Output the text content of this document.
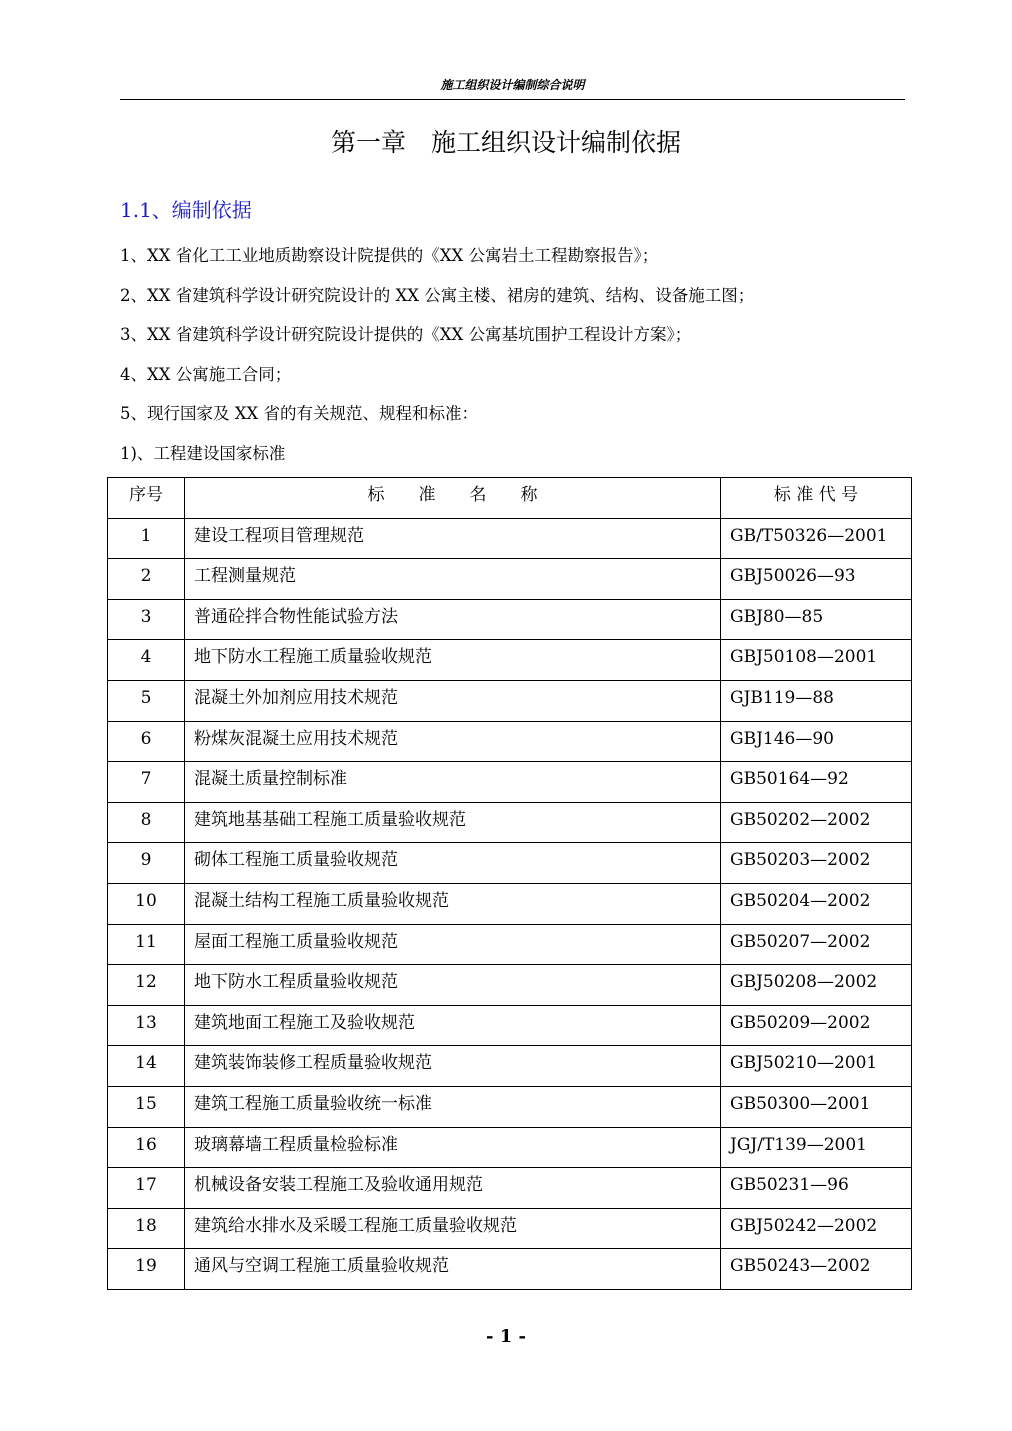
施工组织设计编制综合说明
第一章　施工组织设计编制依据
1.1、编制依据
1、XX 省化工工业地质勘察设计院提供的《XX 公寓岩土工程勘察报告》；
2、XX 省建筑科学设计研究院设计的 XX 公寓主楼、裙房的建筑、结构、设备施工图；
3、XX 省建筑科学设计研究院设计提供的《XX 公寓基坑围护工程设计方案》；
4、XX 公寓施工合同；
5、现行国家及 XX 省的有关规范、规程和标准：
1)、工程建设国家标准
序号	标　　准　　名　　称	标 准 代 号

1	建设工程项目管理规范	GB/T50326—2001

2	工程测量规范	GBJ50026—93

3	普通砼拌合物性能试验方法	GBJ80—85

4	地下防水工程施工质量验收规范	GBJ50108—2001

5	混凝土外加剂应用技术规范	GJB119—88

6	粉煤灰混凝土应用技术规范	GBJ146—90

7	混凝土质量控制标准	GB50164—92

8	建筑地基基础工程施工质量验收规范	GB50202—2002

9	砌体工程施工质量验收规范	GB50203—2002

10	混凝土结构工程施工质量验收规范	GB50204—2002

11	屋面工程施工质量验收规范	GB50207—2002

12	地下防水工程质量验收规范	GBJ50208—2002

13	建筑地面工程施工及验收规范	GB50209—2002

14	建筑装饰装修工程质量验收规范	GBJ50210—2001

15	建筑工程施工质量验收统一标准	GB50300—2001

16	玻璃幕墙工程质量检验标准	JGJ/T139—2001

17	机械设备安装工程施工及验收通用规范	GB50231—96

18	建筑给水排水及采暖工程施工质量验收规范	GBJ50242—2002

19	通风与空调工程施工质量验收规范	GB50243—2002
- 1 -
